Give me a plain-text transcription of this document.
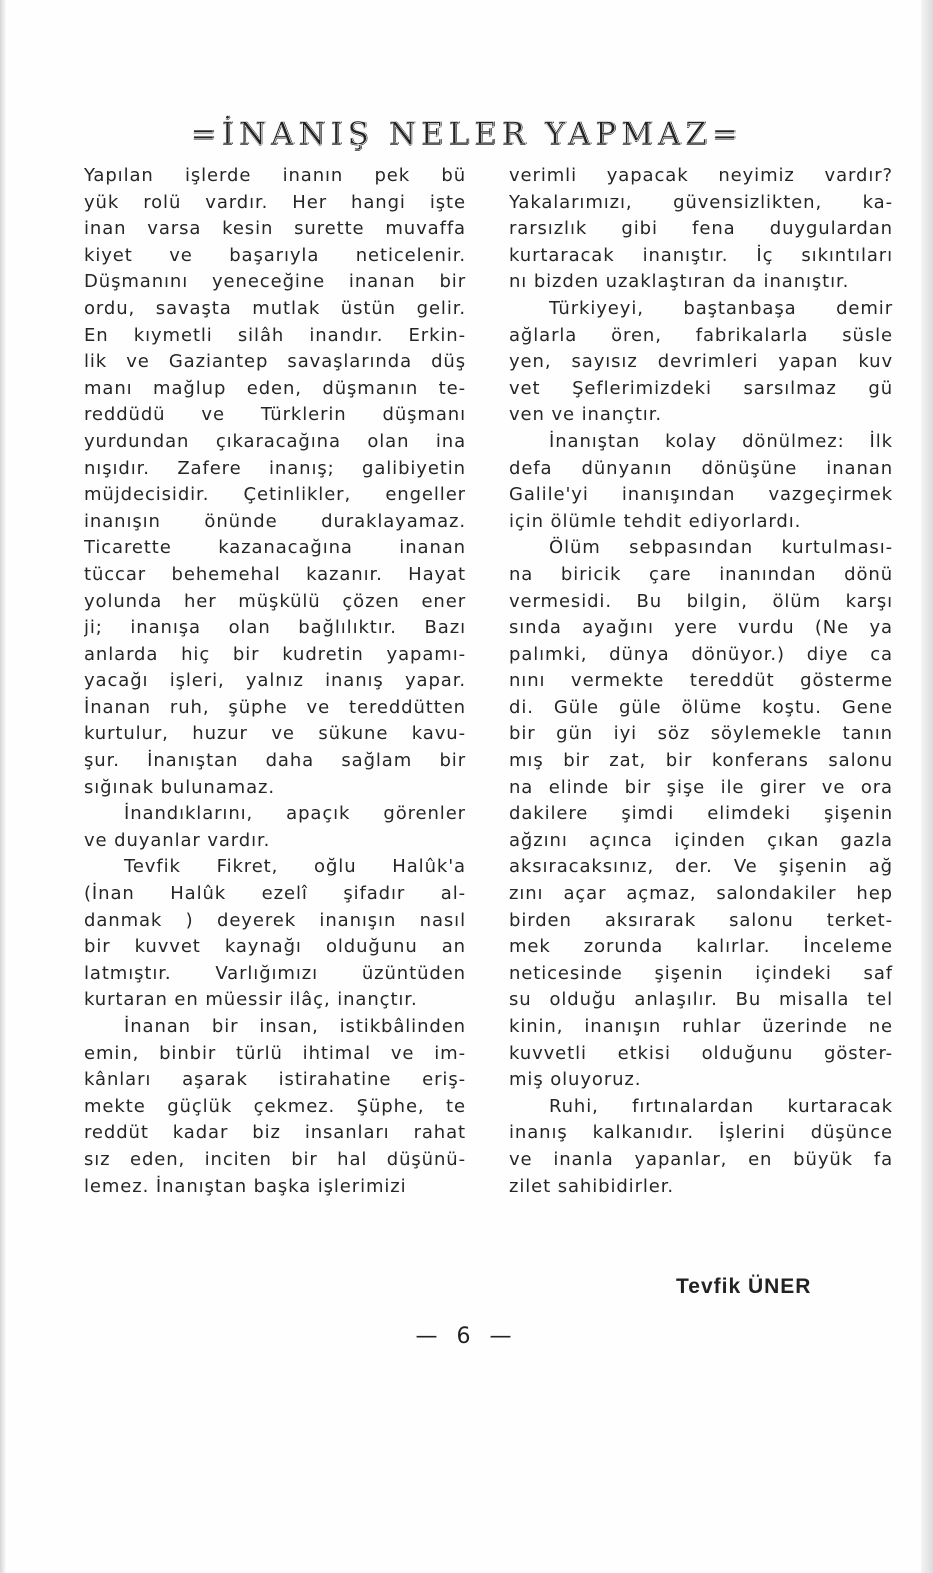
=İNANIŞ NELER YAPMAZ=
Yapılan işlerde inanın pek bü
yük rolü vardır. Her hangi işte
inan varsa kesin surette muvaffa
kiyet ve başarıyla neticelenir.
Düşmanını yeneceğine inanan bir
ordu, savaşta mutlak üstün gelir.
En kıymetli silâh inandır. Erkin-
lik ve Gaziantep savaşlarında düş
manı mağlup eden, düşmanın te-
reddüdü ve Türklerin düşmanı
yurdundan çıkaracağına olan ina
nışıdır. Zafere inanış; galibiyetin
müjdecisidir. Çetinlikler, engeller
inanışın önünde duraklayamaz.
Ticarette kazanacağına inanan
tüccar behemehal kazanır. Hayat
yolunda her müşkülü çözen ener
ji; inanışa olan bağlılıktır. Bazı
anlarda hiç bir kudretin yapamı-
yacağı işleri, yalnız inanış yapar.
İnanan ruh, şüphe ve tereddütten
kurtulur, huzur ve sükune kavu-
şur. İnanıştan daha sağlam bir
sığınak bulunamaz.
İnandıklarını, apaçık görenler
ve duyanlar vardır.
Tevfik Fikret, oğlu Halûk'a
(İnan Halûk ezelî şifadır al-
danmak ) deyerek inanışın nasıl
bir kuvvet kaynağı olduğunu an
latmıştır. Varlığımızı üzüntüden
kurtaran en müessir ilâç, inançtır.
İnanan bir insan, istikbâlinden
emin, binbir türlü ihtimal ve im-
kânları aşarak istirahatine eriş-
mekte güçlük çekmez. Şüphe, te
reddüt kadar biz insanları rahat
sız eden, inciten bir hal düşünü-
lemez. İnanıştan başka işlerimizi
verimli yapacak neyimiz vardır?
Yakalarımızı, güvensizlikten, ka-
rarsızlık gibi fena duygulardan
kurtaracak inanıştır. İç sıkıntıları
nı bizden uzaklaştıran da inanıştır.
Türkiyeyi, baştanbaşa demir
ağlarla ören, fabrikalarla süsle
yen, sayısız devrimleri yapan kuv
vet Şeflerimizdeki sarsılmaz gü
ven ve inançtır.
İnanıştan kolay dönülmez: İlk
defa dünyanın dönüşüne inanan
Galile'yi inanışından vazgeçirmek
için ölümle tehdit ediyorlardı.
Ölüm sebpasından kurtulması-
na biricik çare inanından dönü
vermesidi. Bu bilgin, ölüm karşı
sında ayağını yere vurdu (Ne ya
palımki, dünya dönüyor.) diye ca
nını vermekte tereddüt gösterme
di. Güle güle ölüme koştu. Gene
bir gün iyi söz söylemekle tanın
mış bir zat, bir konferans salonu
na elinde bir şişe ile girer ve ora
dakilere şimdi elimdeki şişenin
ağzını açınca içinden çıkan gazla
aksıracaksınız, der. Ve şişenin ağ
zını açar açmaz, salondakiler hep
birden aksırarak salonu terket-
mek zorunda kalırlar. İnceleme
neticesinde şişenin içindeki saf
su olduğu anlaşılır. Bu misalla tel
kinin, inanışın ruhlar üzerinde ne
kuvvetli etkisi olduğunu göster-
miş oluyoruz.
Ruhi, fırtınalardan kurtaracak
inanış kalkanıdır. İşlerini düşünce
ve inanla yapanlar, en büyük fa
zilet sahibidirler.
Tevfik ÜNER
— 6 —
